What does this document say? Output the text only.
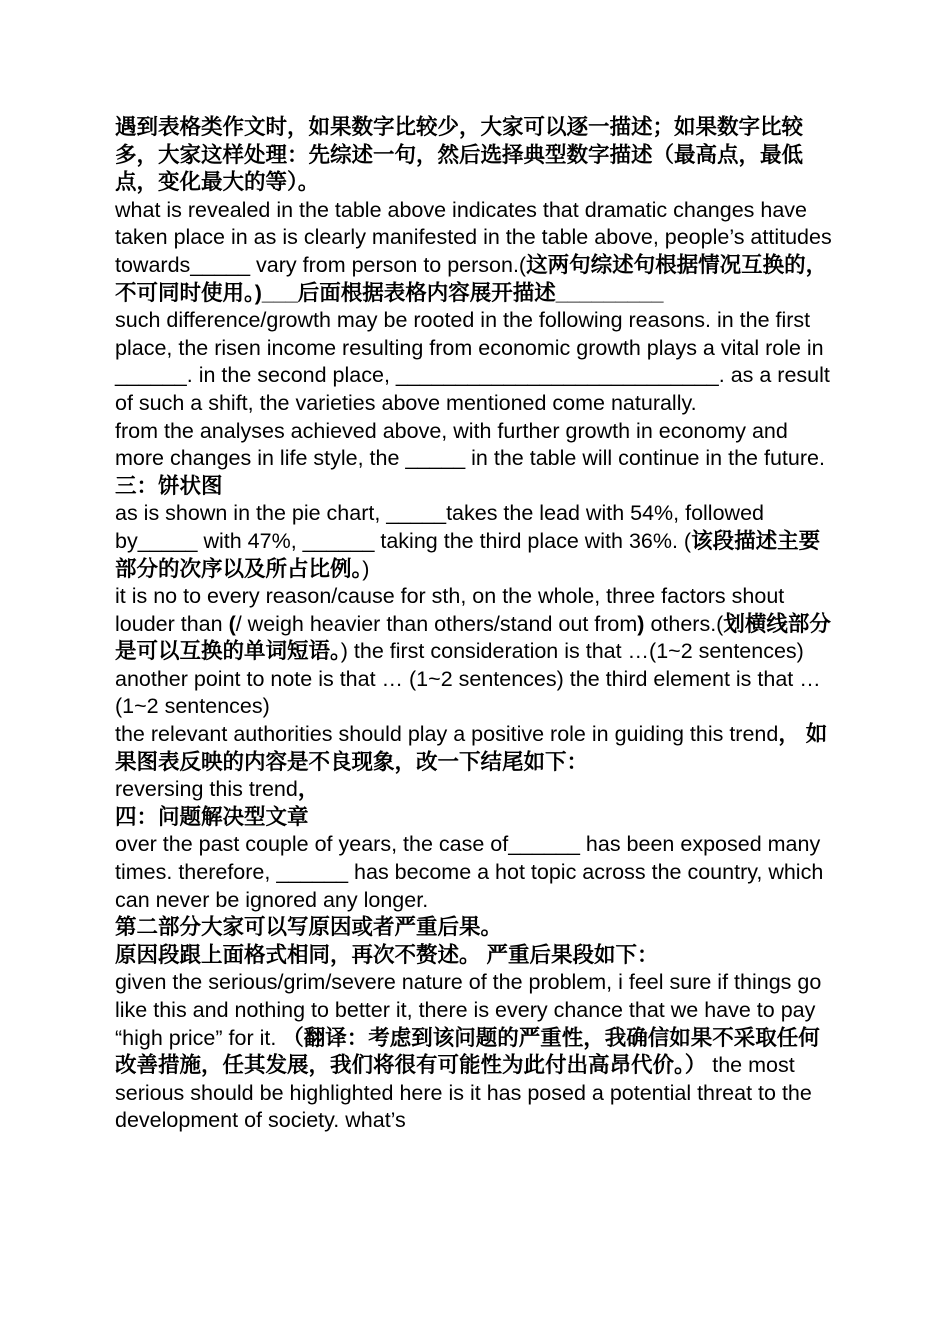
遇到表格类作文时，如果数字比较少，大家可以逐一描述；如果数字比较多，大家这样处理：先综述一句，然后选择典型数字描述（最高点，最低点，变化最大的等）。

what is revealed in the table above indicates that dramatic changes have taken place in as is clearly manifested in the table above, people’s attitudes towards_____ vary from person to person.(这两句综述句根据情况互换的，不可同时使用。)___后面根据表格内容展开描述_________

such difference/growth may be rooted in the following reasons. in the first place, the risen income resulting from economic growth plays a vital role in ______. in the second place, ___________________________. as a result of such a shift, the varieties above mentioned come naturally.

from the analyses achieved above, with further growth in economy and more changes in life style, the _____ in the table will continue in the future.

三：饼状图

as is shown in the pie chart, _____takes the lead with 54%, followed by_____ with 47%, ______ taking the third place with 36%. (该段描述主要部分的次序以及所占比例。)

it is no to every reason/cause for sth, on the whole, three factors shout louder than (/ weigh heavier than others/stand out from) others.(划横线部分是可以互换的单词短语。) the first consideration is that …(1~2 sentences) another point to note is that … (1~2 sentences) the third element is that … (1~2 sentences)

the relevant authorities should play a positive role in guiding this trend， 如果图表反映的内容是不良现象，改一下结尾如下：

reversing this trend，

四：问题解决型文章

over the past couple of years, the case of______ has been exposed many times. therefore, ______ has become a hot topic across the country, which can never be ignored any longer.

第二部分大家可以写原因或者严重后果。

原因段跟上面格式相同，再次不赘述。 严重后果段如下：

given the serious/grim/severe nature of the problem, i feel sure if things go like this and nothing to better it, there is every chance that we have to pay “high price” for it. （翻译：考虑到该问题的严重性，我确信如果不采取任何改善措施，任其发展，我们将很有可能性为此付出高昂代价。） the most serious should be highlighted here is it has posed a potential threat to the development of society. what’s
